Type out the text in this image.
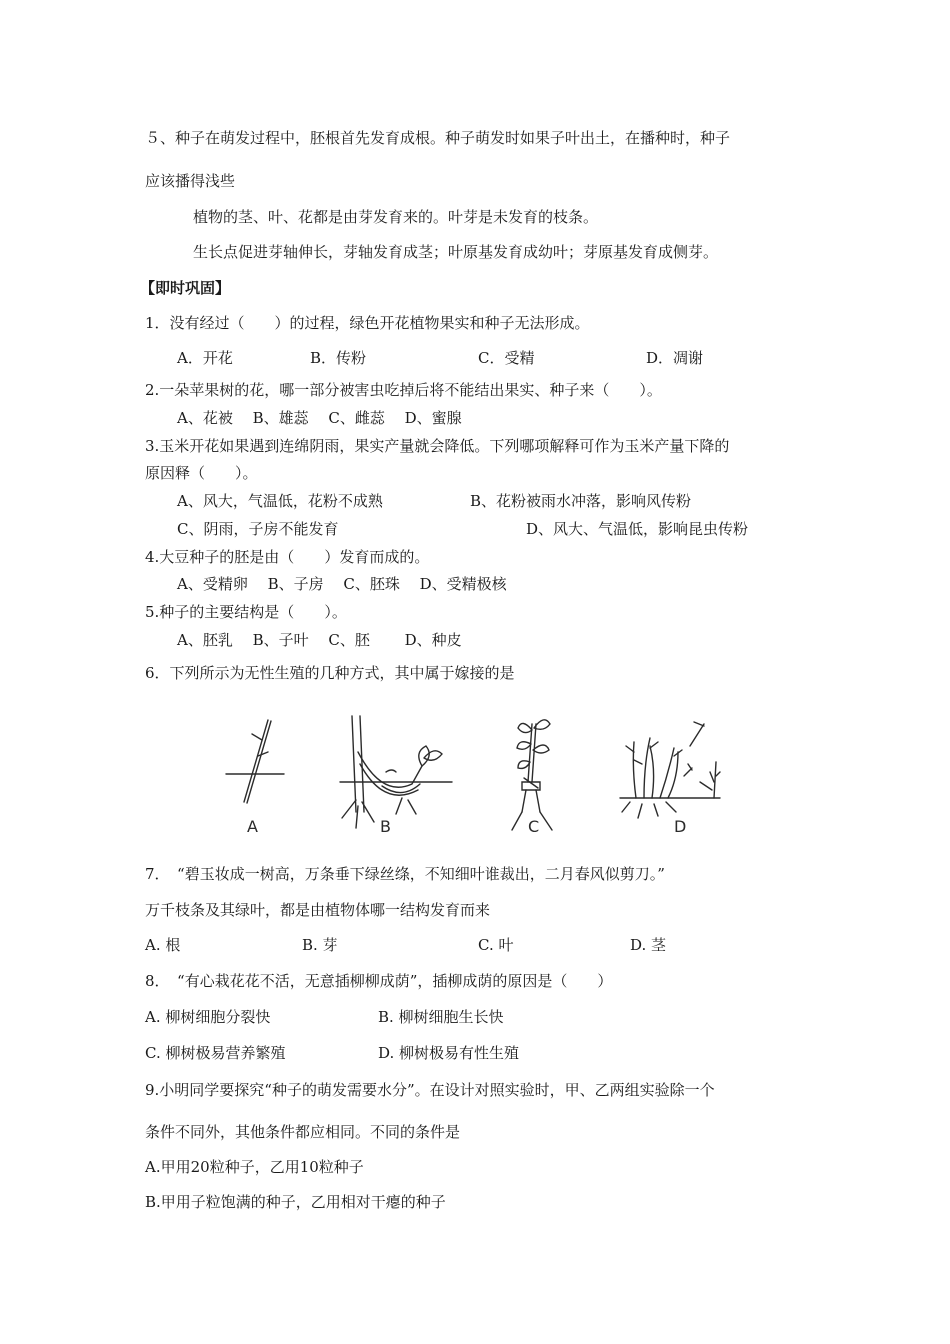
５、种子在萌发过程中，胚根首先发育成根。种子萌发时如果子叶出土，在播种时，种子
应该播得浅些
植物的茎、叶、花都是由芽发育来的。叶芽是未发育的枝条。
生长点促进芽轴伸长，芽轴发育成茎；叶原基发育成幼叶；芽原基发育成侧芽。
【即时巩固】
1．没有经过（　　）的过程，绿色开花植物果实和种子无法形成。
A．开花	B．传粉	C．受精	D．凋谢
2.一朵苹果树的花，哪一部分被害虫吃掉后将不能结出果实、种子来（　　）。
A、花被　 B、雄蕊　 C、雌蕊　 D、蜜腺
3.玉米开花如果遇到连绵阴雨，果实产量就会降低。下列哪项解释可作为玉米产量下降的
原因释（　　）。
A、风大，气温低，花粉不成熟	B、花粉被雨水冲落，影响风传粉
C、阴雨，子房不能发育	D、风大、气温低，影响昆虫传粉
4.大豆种子的胚是由（　　）发育而成的。
A、受精卵　 B、子房　 C、胚珠　 D、受精极核
5.种子的主要结构是（　　）。
A、胚乳　 B、子叶　 C、胚　　 D、种皮
6．下列所示为无性生殖的几种方式，其中属于嫁接的是
A	B	C	D
7．　“碧玉妆成一树高，万条垂下绿丝绦，不知细叶谁裁出，二月春风似剪刀。”
万千枝条及其绿叶，都是由植物体哪一结构发育而来
A. 根	B. 芽	C. 叶	D. 茎
8．　“有心栽花花不活，无意插柳柳成荫”，插柳成荫的原因是（　　）
A. 柳树细胞分裂快	B. 柳树细胞生长快
C. 柳树极易营养繁殖	D. 柳树极易有性生殖
9.小明同学要探究“种子的萌发需要水分”。在设计对照实验时，甲、乙两组实验除一个
条件不同外，其他条件都应相同。不同的条件是
A.甲用20粒种子，乙用10粒种子
B.甲用子粒饱满的种子，乙用相对干瘪的种子
